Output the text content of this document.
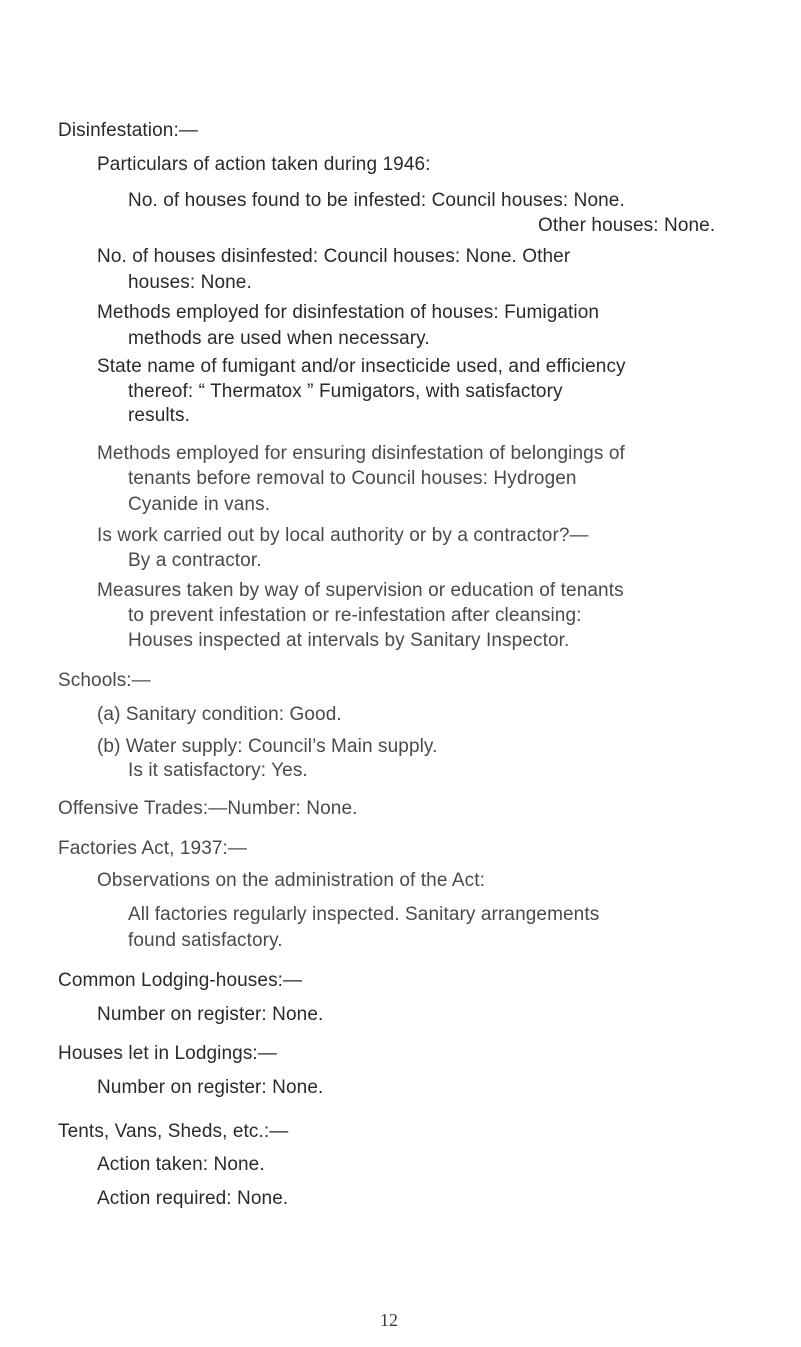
Disinfestation:—
Particulars of action taken during 1946:
No. of houses found to be infested: Council houses: None.
Other houses: None.
No. of houses disinfested: Council houses: None. Other
houses: None.
Methods employed for disinfestation of houses: Fumigation
methods are used when necessary.
State name of fumigant and/or insecticide used, and efficiency
thereof: “ Thermatox ” Fumigators, with satisfactory
results.
Methods employed for ensuring disinfestation of belongings of
tenants before removal to Council houses: Hydrogen
Cyanide in vans.
Is work carried out by local authority or by a contractor?—
By a contractor.
Measures taken by way of supervision or education of tenants
to prevent infestation or re-infestation after cleansing:
Houses inspected at intervals by Sanitary Inspector.
Schools:—
(a) Sanitary condition: Good.
(b) Water supply: Council’s Main supply.
Is it satisfactory: Yes.
Offensive Trades:—Number: None.
Factories Act, 1937:—
Observations on the administration of the Act:
All factories regularly inspected. Sanitary arrangements
found satisfactory.
Common Lodging-houses:—
Number on register: None.
Houses let in Lodgings:—
Number on register: None.
Tents, Vans, Sheds, etc.:—
Action taken: None.
Action required: None.
12
